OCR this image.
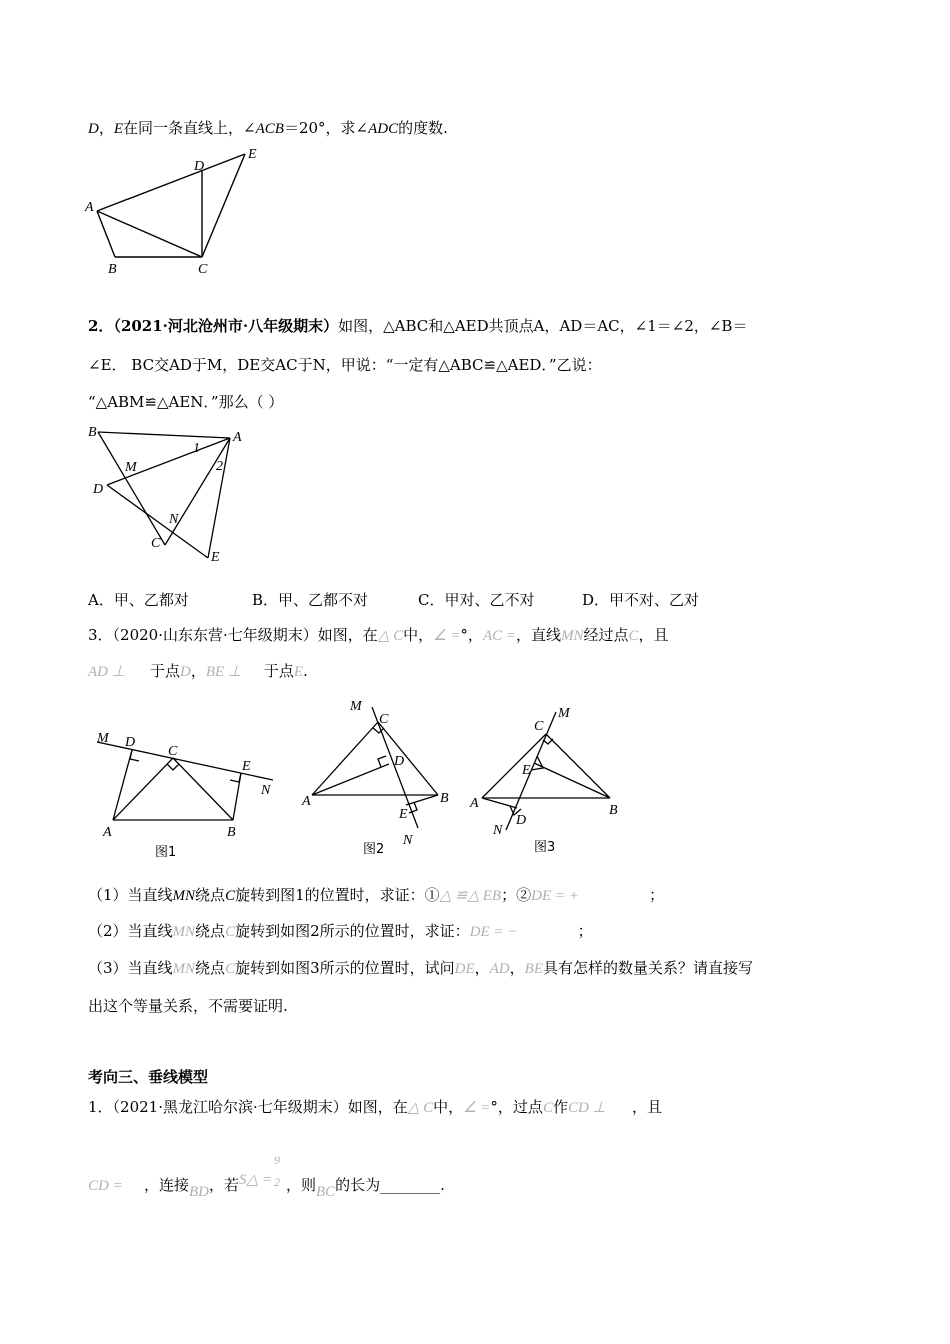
D，E在同一条直线上，∠ACB＝20°，求∠ADC的度数.
A
B	C
D
E
2．（2021·河北沧州市·八年级期末）如图，△ABC和△AED共顶点A，AD＝AC，∠1＝∠2，∠B＝
∠E． BC交AD于M，DE交AC于N，甲说：“一定有△ABC≌△AED．”乙说：
“△ABM≌△AEN．”那么（ ）
B	A
1
2
M
D
N
C
E
A．甲、乙都对	B．甲、乙都不对	C．甲对、乙不对	D．甲不对、乙对
3．（2020·山东东营·七年级期末）如图，在△ C中，∠ =°，AC =，直线MN经过点C，且
AD ⊥ 于点D，BE ⊥ 于点E.
M D
C
E
N
A	B
图1
M
C
D
A	B
E
N
图2
C
M
E
A	B
N
D
图3
（1）当直线MN绕点C旋转到图1的位置时，求证：①△ ≌△ EB；②DE = +	；
（2）当直线MN绕点C旋转到如图2所示的位置时，求证：DE = −	；
（3）当直线MN绕点C旋转到如图3所示的位置时，试问DE，AD，BE具有怎样的数量关系？请直接写
出这个等量关系，不需要证明.
考向三、垂线模型
1．（2021·黑龙江哈尔滨·七年级期末）如图，在△ C中，∠ =°，过点C作CD ⊥ ，且
CD = ，连接BD，若S△ =
9
2 ，则BC的长为________.
